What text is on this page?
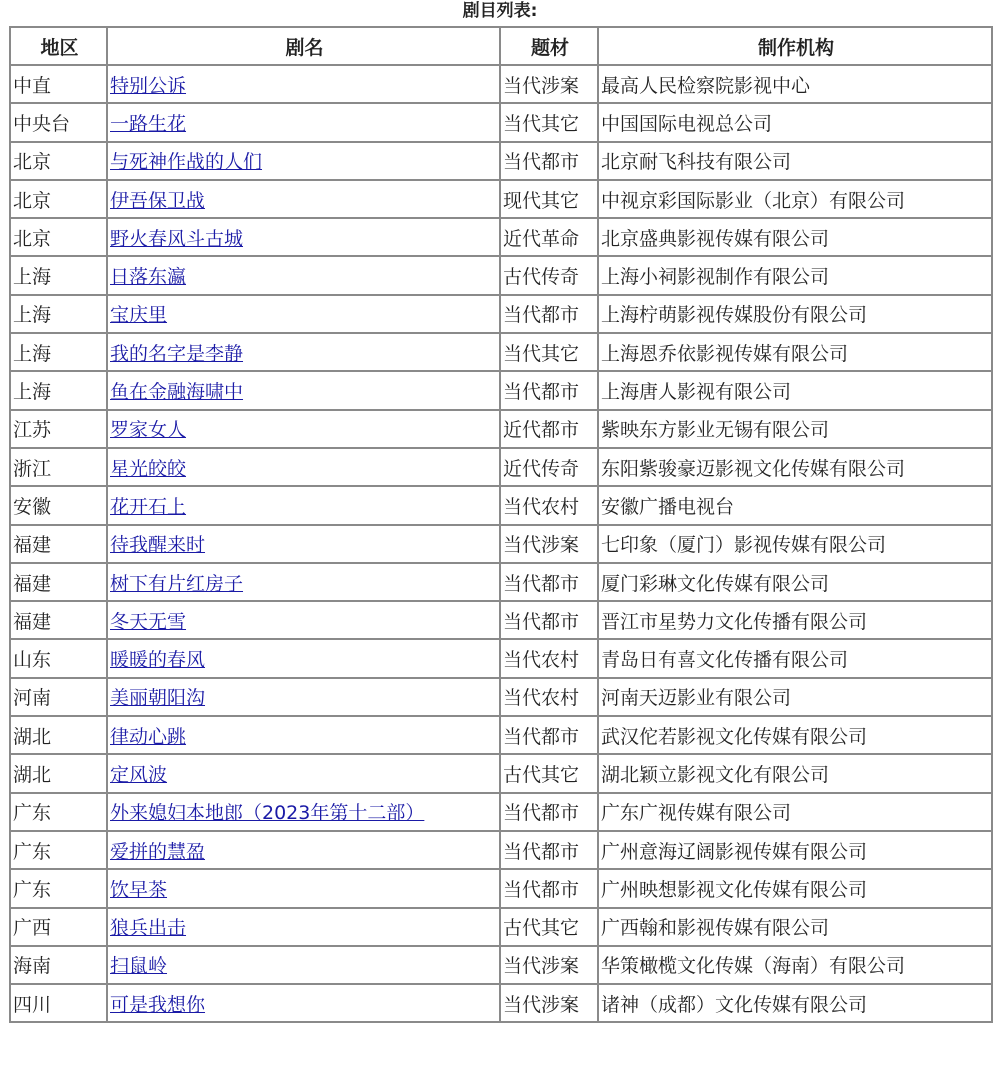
剧目列表:
地区	剧名	题材	制作机构
中直	特别公诉	当代涉案	最高人民检察院影视中心
中央台	一路生花	当代其它	中国国际电视总公司
北京	与死神作战的人们	当代都市	北京耐飞科技有限公司
北京	伊吾保卫战	现代其它	中视京彩国际影业（北京）有限公司
北京	野火春风斗古城	近代革命	北京盛典影视传媒有限公司
上海	日落东瀛	古代传奇	上海小祠影视制作有限公司
上海	宝庆里	当代都市	上海柠萌影视传媒股份有限公司
上海	我的名字是李静	当代其它	上海恩乔依影视传媒有限公司
上海	鱼在金融海啸中	当代都市	上海唐人影视有限公司
江苏	罗家女人	近代都市	紫映东方影业无锡有限公司
浙江	星光皎皎	近代传奇	东阳紫骏豪迈影视文化传媒有限公司
安徽	花开石上	当代农村	安徽广播电视台
福建	待我醒来时	当代涉案	七印象（厦门）影视传媒有限公司
福建	树下有片红房子	当代都市	厦门彩琳文化传媒有限公司
福建	冬天无雪	当代都市	晋江市星势力文化传播有限公司
山东	暖暖的春风	当代农村	青岛日有喜文化传播有限公司
河南	美丽朝阳沟	当代农村	河南天迈影业有限公司
湖北	律动心跳	当代都市	武汉佗若影视文化传媒有限公司
湖北	定风波	古代其它	湖北颖立影视文化有限公司
广东	外来媳妇本地郎（2023年第十二部）	当代都市	广东广视传媒有限公司
广东	爱拼的慧盈	当代都市	广州意海辽阔影视传媒有限公司
广东	饮早茶	当代都市	广州映想影视文化传媒有限公司
广西	狼兵出击	古代其它	广西翰和影视传媒有限公司
海南	扫鼠岭	当代涉案	华策橄榄文化传媒（海南）有限公司
四川	可是我想你	当代涉案	诸神（成都）文化传媒有限公司
